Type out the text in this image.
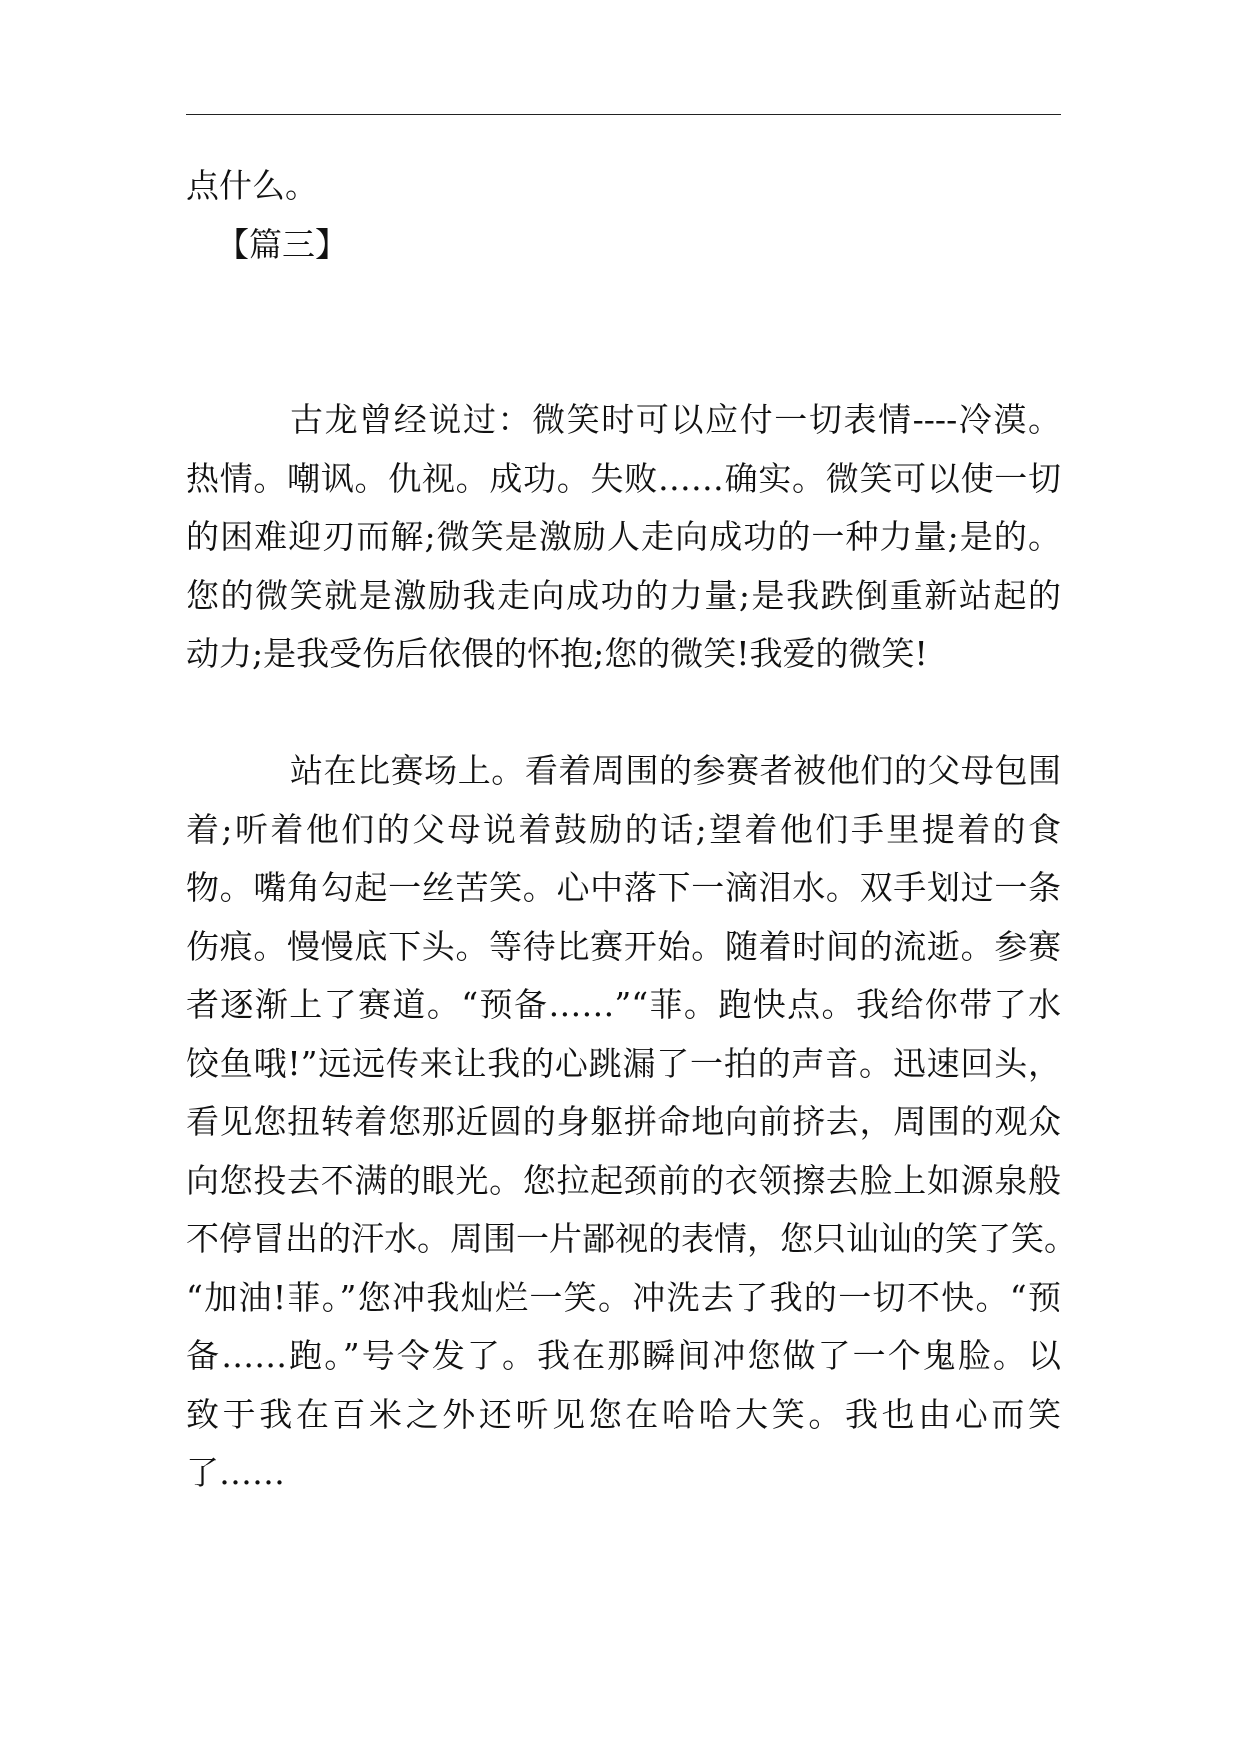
点什么。
【篇三】
古龙曾经说过：微笑时可以应付一切表情----冷漠。
热情。嘲讽。仇视。成功。失败……确实。微笑可以使一切
的困难迎刃而解;微笑是激励人走向成功的一种力量;是的。
您的微笑就是激励我走向成功的力量;是我跌倒重新站起的
动力;是我受伤后依偎的怀抱;您的微笑!我爱的微笑!
站在比赛场上。看着周围的参赛者被他们的父母包围
着;听着他们的父母说着鼓励的话;望着他们手里提着的食
物。嘴角勾起一丝苦笑。心中落下一滴泪水。双手划过一条
伤痕。慢慢底下头。等待比赛开始。随着时间的流逝。参赛
者逐渐上了赛道。“预备……”“菲。跑快点。我给你带了水
饺鱼哦!”远远传来让我的心跳漏了一拍的声音。迅速回头，
看见您扭转着您那近圆的身躯拼命地向前挤去，周围的观众
向您投去不满的眼光。您拉起颈前的衣领擦去脸上如源泉般
不停冒出的汗水。周围一片鄙视的表情，您只讪讪的笑了笑。
“加油!菲。”您冲我灿烂一笑。冲洗去了我的一切不快。“预
备……跑。”号令发了。我在那瞬间冲您做了一个鬼脸。以
致于我在百米之外还听见您在哈哈大笑。我也由心而笑
了……
